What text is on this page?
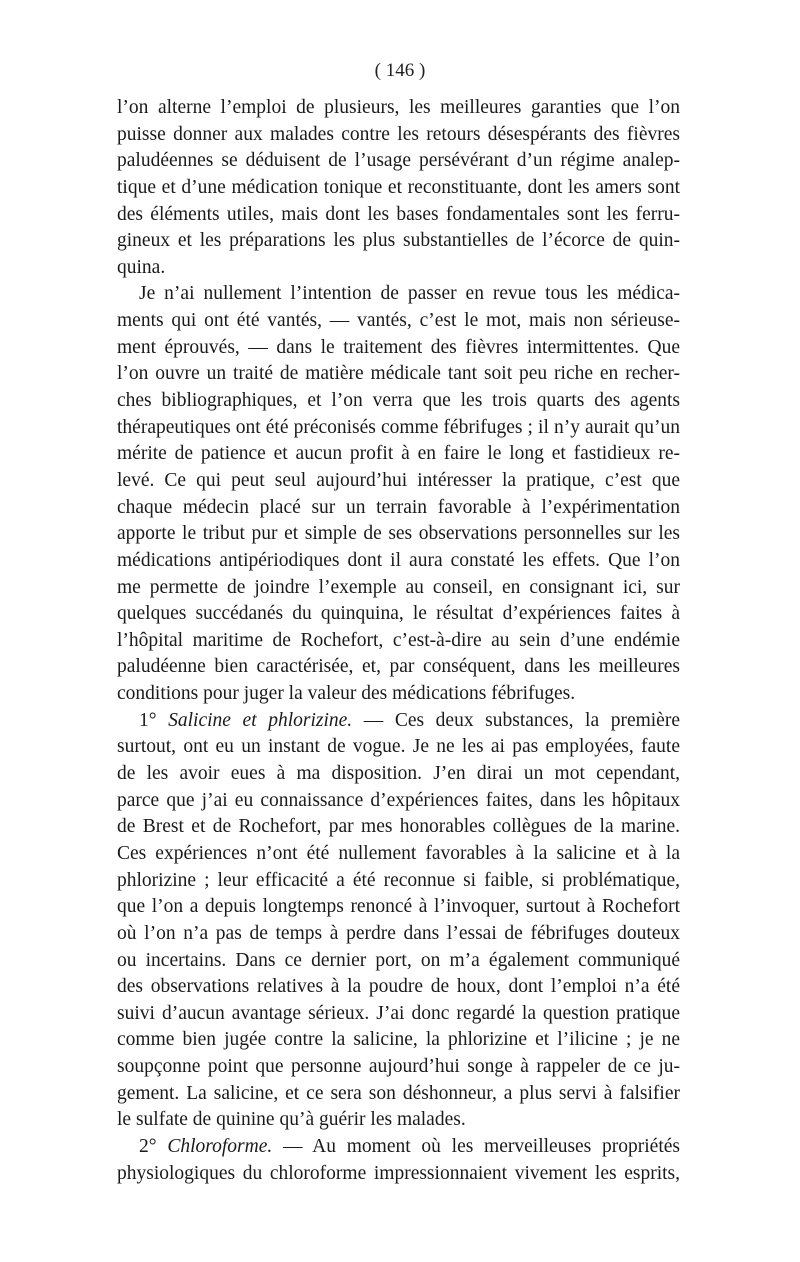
( 146 )
l’on alterne l’emploi de plusieurs, les meilleures garanties que l’on
puisse donner aux malades contre les retours désespérants des fièvres
paludéennes se déduisent de l’usage persévérant d’un régime analep-
tique et d’une médication tonique et reconstituante, dont les amers sont
des éléments utiles, mais dont les bases fondamentales sont les ferru-
gineux et les préparations les plus substantielles de l’écorce de quin-
quina.
Je n’ai nullement l’intention de passer en revue tous les médica-
ments qui ont été vantés, — vantés, c’est le mot, mais non sérieuse-
ment éprouvés, — dans le traitement des fièvres intermittentes. Que
l’on ouvre un traité de matière médicale tant soit peu riche en recher-
ches bibliographiques, et l’on verra que les trois quarts des agents
thérapeutiques ont été préconisés comme fébrifuges ; il n’y aurait qu’un
mérite de patience et aucun profit à en faire le long et fastidieux re-
levé. Ce qui peut seul aujourd’hui intéresser la pratique, c’est que
chaque médecin placé sur un terrain favorable à l’expérimentation
apporte le tribut pur et simple de ses observations personnelles sur les
médications antipériodiques dont il aura constaté les effets. Que l’on
me permette de joindre l’exemple au conseil, en consignant ici, sur
quelques succédanés du quinquina, le résultat d’expériences faites à
l’hôpital maritime de Rochefort, c’est-à-dire au sein d’une endémie
paludéenne bien caractérisée, et, par conséquent, dans les meilleures
conditions pour juger la valeur des médications fébrifuges.
1° Salicine et phlorizine. — Ces deux substances, la première
surtout, ont eu un instant de vogue. Je ne les ai pas employées, faute
de les avoir eues à ma disposition. J’en dirai un mot cependant,
parce que j’ai eu connaissance d’expériences faites, dans les hôpitaux
de Brest et de Rochefort, par mes honorables collègues de la marine.
Ces expériences n’ont été nullement favorables à la salicine et à la
phlorizine ; leur efficacité a été reconnue si faible, si problématique,
que l’on a depuis longtemps renoncé à l’invoquer, surtout à Rochefort
où l’on n’a pas de temps à perdre dans l’essai de fébrifuges douteux
ou incertains. Dans ce dernier port, on m’a également communiqué
des observations relatives à la poudre de houx, dont l’emploi n’a été
suivi d’aucun avantage sérieux. J’ai donc regardé la question pratique
comme bien jugée contre la salicine, la phlorizine et l’ilicine ; je ne
soupçonne point que personne aujourd’hui songe à rappeler de ce ju-
gement. La salicine, et ce sera son déshonneur, a plus servi à falsifier
le sulfate de quinine qu’à guérir les malades.
2° Chloroforme. — Au moment où les merveilleuses propriétés
physiologiques du chloroforme impressionnaient vivement les esprits,
